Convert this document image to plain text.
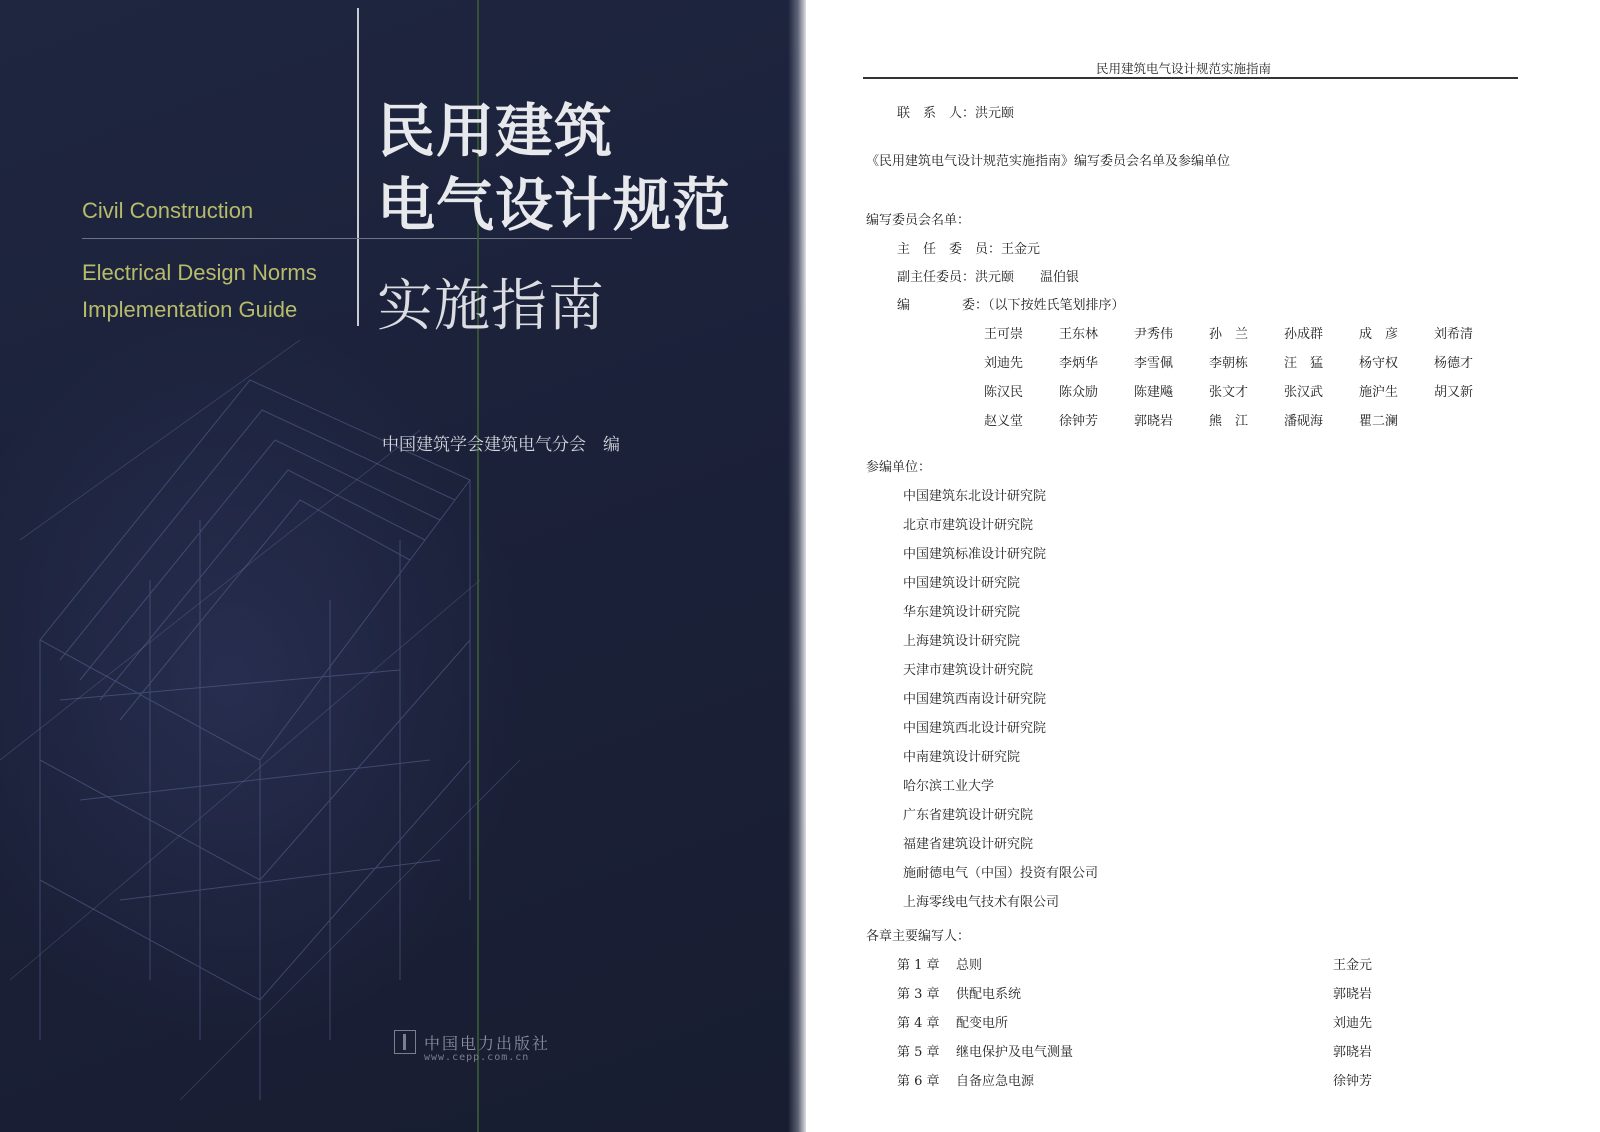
民用建筑
电气设计规范
实施指南
Civil Construction
Electrical Design Norms
Implementation Guide
中国建筑学会建筑电气分会　编
中国电力出版社
www.cepp.com.cn
民用建筑电气设计规范实施指南
联　系　人：洪元颐
《民用建筑电气设计规范实施指南》编写委员会名单及参编单位
编写委员会名单：
主　任　委　员：王金元
副主任委员：洪元颐　　温伯银
编　　　　委：（以下按姓氏笔划排序）
王可崇	王东林	尹秀伟	孙　兰	孙成群	成　彦	刘希清
刘迪先	李炳华	李雪佩	李朝栋	汪　猛	杨守权	杨德才
陈汉民	陈众励	陈建飚	张文才	张汉武	施沪生	胡又新
赵义堂	徐钟芳	郭晓岩	熊　江	潘砚海	瞿二澜
参编单位：
中国建筑东北设计研究院
北京市建筑设计研究院
中国建筑标准设计研究院
中国建筑设计研究院
华东建筑设计研究院
上海建筑设计研究院
天津市建筑设计研究院
中国建筑西南设计研究院
中国建筑西北设计研究院
中南建筑设计研究院
哈尔滨工业大学
广东省建筑设计研究院
福建省建筑设计研究院
施耐德电气（中国）投资有限公司
上海零线电气技术有限公司
各章主要编写人：
第 1 章 总则	王金元
第 3 章 供配电系统	郭晓岩
第 4 章 配变电所	刘迪先
第 5 章 继电保护及电气测量	郭晓岩
第 6 章 自备应急电源	徐钟芳
